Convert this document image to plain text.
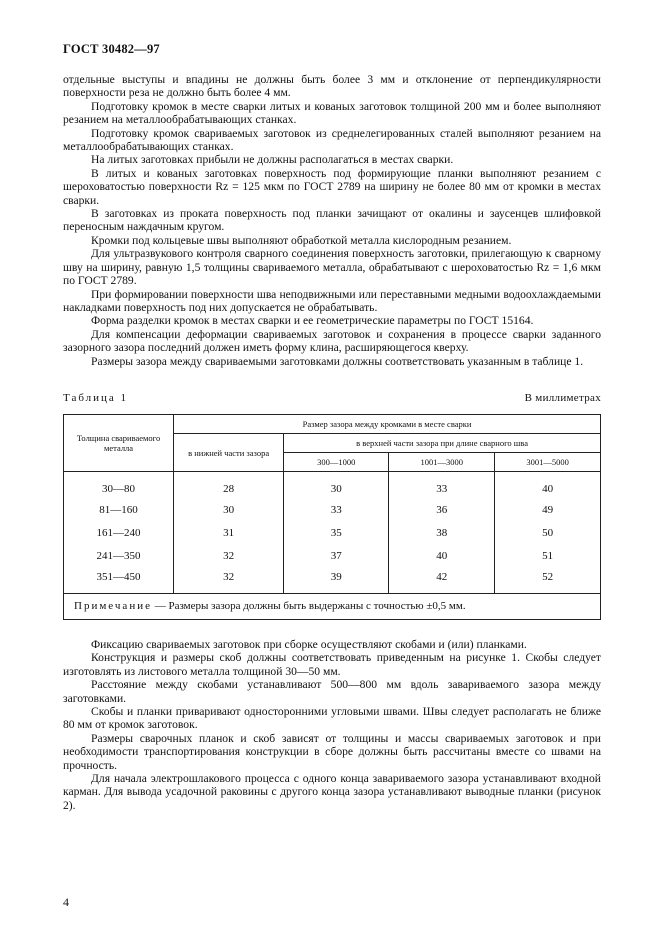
ГОСТ 30482—97

отдельные выступы и впадины не должны быть более 3 мм и отклонение от перпендикулярности поверхности реза не должно быть более 4 мм.

Подготовку кромок в месте сварки литых и кованых заготовок толщиной 200 мм и более выполняют резанием на металлообрабатывающих станках.

Подготовку кромок свариваемых заготовок из среднелегированных сталей выполняют резанием на металлообрабатывающих станках.

На литых заготовках прибыли не должны располагаться в местах сварки.

В литых и кованых заготовках поверхность под формирующие планки выполняют резанием с шероховатостью поверхности Rz = 125 мкм по ГОСТ 2789 на ширину не более 80 мм от кромки в местах сварки.

В заготовках из проката поверхность под планки зачищают от окалины и заусенцев шлифовкой переносным наждачным кругом.

Кромки под кольцевые швы выполняют обработкой металла кислородным резанием.

Для ультразвукового контроля сварного соединения поверхность заготовки, прилегающую к сварному шву на ширину, равную 1,5 толщины свариваемого металла, обрабатывают с шероховатостью Rz = 1,6 мкм по ГОСТ 2789.

При формировании поверхности шва неподвижными или переставными медными водоохлаждаемыми накладками поверхность под них допускается не обрабатывать.

Форма разделки кромок в местах сварки и ее геометрические параметры по ГОСТ 15164.

Для компенсации деформации свариваемых заготовок и сохранения в процессе сварки заданного зазорного зазора последний должен иметь форму клина, расширяющегося кверху.

Размеры зазора между свариваемыми заготовками должны соответствовать указанным в таблице 1.

Таблица 1	В миллиметрах
Толщина свариваемого металла	Размер зазора между кромками в месте сварки			
	в нижней части зазора	в верхней части зазора при длине сварного шва		
		300—1000	1001—3000	3001—5000
30—80	28	30	33	40
81—160	30	33	36	49
161—240	31	35	38	50
241—350	32	37	40	51
351—450	32	39	42	52
Примечание — Размеры зазора должны быть выдержаны с точностью ±0,5 мм.				

Фиксацию свариваемых заготовок при сборке осуществляют скобами и (или) планками.

Конструкция и размеры скоб должны соответствовать приведенным на рисунке 1. Скобы следует изготовлять из листового металла толщиной 30—50 мм.

Расстояние между скобами устанавливают 500—800 мм вдоль завариваемого зазора между заготовками.

Скобы и планки приваривают односторонними угловыми швами. Швы следует располагать не ближе 80 мм от кромок заготовок.

Размеры сварочных планок и скоб зависят от толщины и массы свариваемых заготовок и при необходимости транспортирования конструкции в сборе должны быть рассчитаны вместе со швами на прочность.

Для начала электрошлакового процесса с одного конца завариваемого зазора устанавливают входной карман. Для вывода усадочной раковины с другого конца зазора устанавливают выводные планки (рисунок 2).

4
